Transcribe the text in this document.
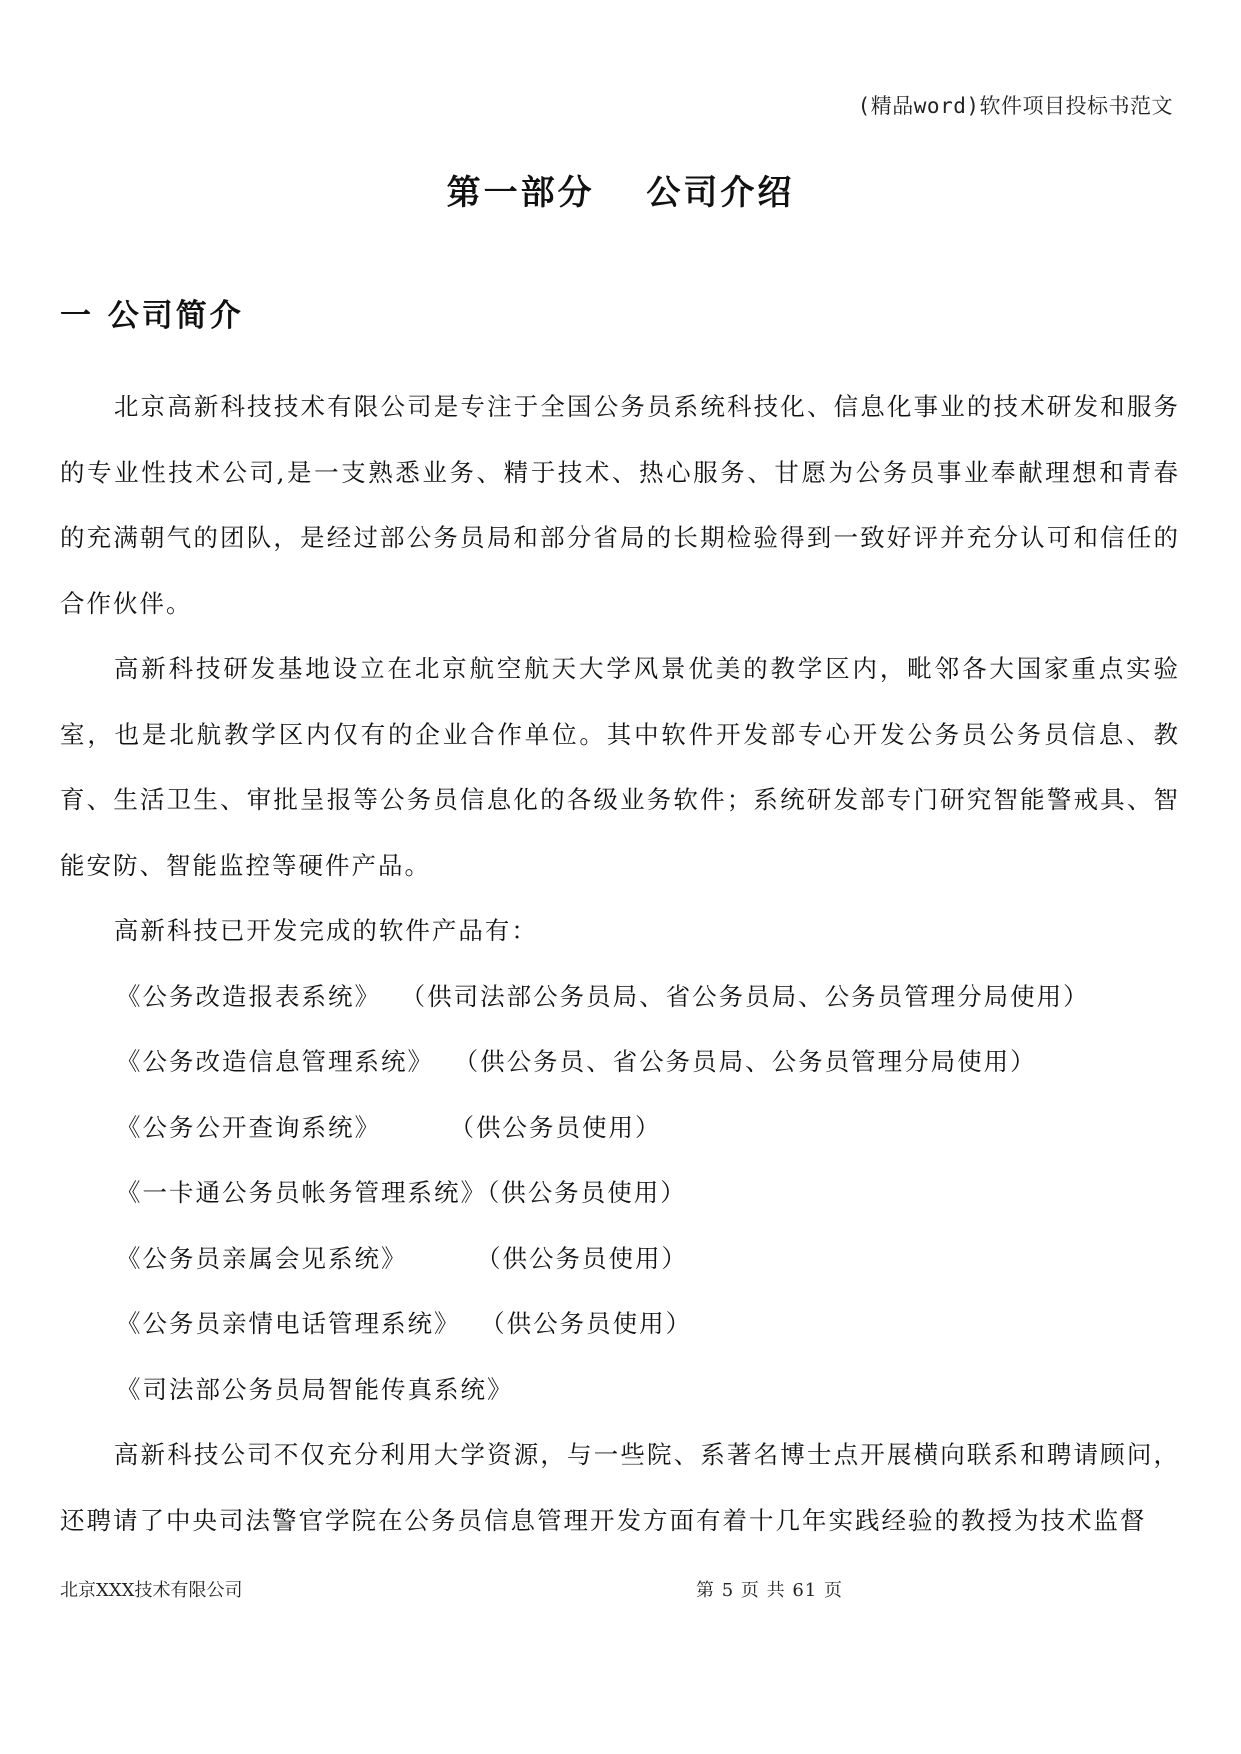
(精品word)软件项目投标书范文
第一部分　 公司介绍
一 公司简介

北京高新科技技术有限公司是专注于全国公务员系统科技化、信息化事业的技术研发和服务的专业性技术公司,是一支熟悉业务、精于技术、热心服务、甘愿为公务员事业奉献理想和青春的充满朝气的团队，是经过部公务员局和部分省局的长期检验得到一致好评并充分认可和信任的合作伙伴。

高新科技研发基地设立在北京航空航天大学风景优美的教学区内，毗邻各大国家重点实验室，也是北航教学区内仅有的企业合作单位。其中软件开发部专心开发公务员公务员信息、教育、生活卫生、审批呈报等公务员信息化的各级业务软件；系统研发部专门研究智能警戒具、智能安防、智能监控等硬件产品。

高新科技已开发完成的软件产品有：

《公务改造报表系统》  （供司法部公务员局、省公务员局、公务员管理分局使用）

《公务改造信息管理系统》  （供公务员、省公务员局、公务员管理分局使用）

《公务公开查询系统》       （供公务员使用）

《一卡通公务员帐务管理系统》（供公务员使用）

《公务员亲属会见系统》       （供公务员使用）

《公务员亲情电话管理系统》  （供公务员使用）

《司法部公务员局智能传真系统》

高新科技公司不仅充分利用大学资源，与一些院、系著名博士点开展横向联系和聘请顾问，还聘请了中央司法警官学院在公务员信息管理开发方面有着十几年实践经验的教授为技术监督

北京XXX技术有限公司	第 5 页 共 61 页
